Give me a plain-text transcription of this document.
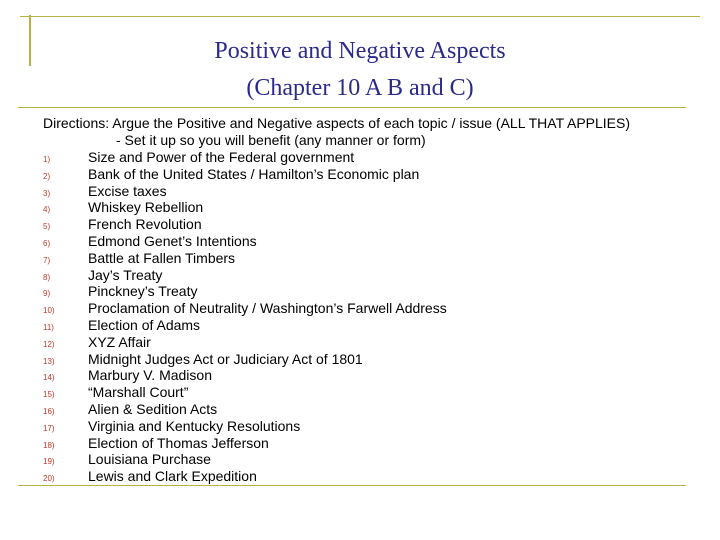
Positive and Negative Aspects
(Chapter 10 A B and C)
Directions: Argue the Positive and Negative aspects of each topic / issue (ALL THAT APPLIES)
- Set it up so you will benefit (any manner or form)
1)	Size and Power of the Federal government
2)	Bank of the United States / Hamilton’s Economic plan
3)	Excise taxes
4)	Whiskey Rebellion
5)	French Revolution
6)	Edmond Genet’s Intentions
7)	Battle at Fallen Timbers
8)	Jay’s Treaty
9)	Pinckney’s Treaty
10)	Proclamation of Neutrality / Washington’s Farwell Address
11)	Election of Adams
12)	XYZ Affair
13)	Midnight Judges Act or Judiciary Act of 1801
14)	Marbury V. Madison
15)	“Marshall Court”
16)	Alien & Sedition Acts
17)	Virginia and Kentucky Resolutions
18)	Election of Thomas Jefferson
19)	Louisiana Purchase
20)	Lewis and Clark Expedition
